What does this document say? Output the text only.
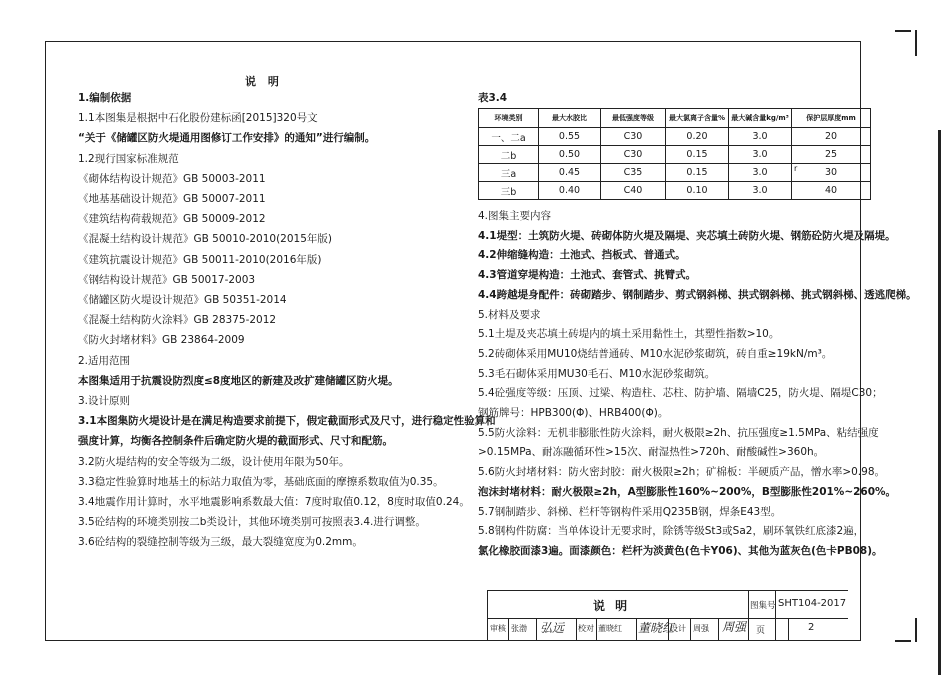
说 明
1.编制依据
1.1本图集是根据中石化股份建标函[2015]320号文
“关于《储罐区防火堤通用图修订工作安排》的通知”进行编制。
1.2现行国家标准规范
《砌体结构设计规范》GB 50003-2011
《地基基础设计规范》GB 50007-2011
《建筑结构荷载规范》GB 50009-2012
《混凝土结构设计规范》GB 50010-2010(2015年版)
《建筑抗震设计规范》GB 50011-2010(2016年版)
《钢结构设计规范》GB 50017-2003
《储罐区防火堤设计规范》GB 50351-2014
《混凝土结构防火涂料》GB 28375-2012
《防火封堵材料》GB 23864-2009
2.适用范围
本图集适用于抗震设防烈度≤8度地区的新建及改扩建储罐区防火堤。
3.设计原则
3.1本图集防火堤设计是在满足构造要求前提下，假定截面形式及尺寸，进行稳定性验算和
强度计算，均衡各控制条件后确定防火堤的截面形式、尺寸和配筋。
3.2防火堤结构的安全等级为二级，设计使用年限为50年。
3.3稳定性验算时地基土的标站力取值为零，基础底面的摩擦系数取值为0.35。
3.4地震作用计算时，水平地震影响系数最大值：7度时取值0.12，8度时取值0.24。
3.5砼结构的环境类别按二b类设计，其他环境类别可按照表3.4.进行调整。
3.6砼结构的裂缝控制等级为三级，最大裂缝宽度为0.2mm。
表3.4
环境类别	最大水胶比	最低强度等级	最大氯离子含量%	最大碱含量kg/m³	保护层厚度mm
一、二a	0.55	C30	0.20	3.0	20
二b	0.50	C30	0.15	3.0	25
三a	0.45	C35	0.15	3.0	30
r

三b	0.40	C40	0.10	3.0	40
4.图集主要内容
4.1堤型：土筑防火堤、砖砌体防火堤及隔堤、夹芯填土砖防火堤、钢筋砼防火堤及隔堤。
4.2伸缩缝构造：土池式、挡板式、普通式。
4.3管道穿堤构造：土池式、套管式、挑臂式。
4.4跨越堤身配件：砖砌踏步、钢制踏步、剪式钢斜梯、拱式钢斜梯、挑式钢斜梯、透逃爬梯。
5.材料及要求
5.1土堤及夹芯填土砖堤内的填土采用黏性土，其塑性指数>10。
5.2砖砌体采用MU10烧结普通砖、M10水泥砂浆砌筑，砖自重≥19kN/m³。
5.3毛石砌体采用MU30毛石、M10水泥砂浆砌筑。
5.4砼强度等级：压顶、过梁、构造柱、芯柱、防护墙、隔墙C25，防火堤、隔堤C30；
钢筋牌号：HPB300(Φ)、HRB400(Φ)。
5.5防火涂料：无机非膨胀性防火涂料，耐火极限≥2h、抗压强度≥1.5MPa、粘结强度
>0.15MPa、耐冻融循环性>15次、耐湿热性>720h、耐酸碱性>360h。
5.6防火封堵材料：防火密封胶：耐火极限≥2h；矿棉板：半硬质产品，憎水率>0.98。
泡沫封堵材料：耐火极限≥2h，A型膨胀性160%~200%，B型膨胀性201%~260%。
5.7钢制踏步、斜梯、栏杆等钢构件采用Q235B钢，焊条E43型。
5.8钢构件防腐：当单体设计无要求时，除锈等级St3或Sa2，刷环氧铁红底漆2遍，
氯化橡胶面漆3遍。面漆颜色：栏杆为淡黄色(色卡Y06)、其他为蓝灰色(色卡PB08)。
说 明	图集号 SHT104-2017
审核 张渤 弘远 校对 董晓红 董晓红
设计 周强 周强 页	2
